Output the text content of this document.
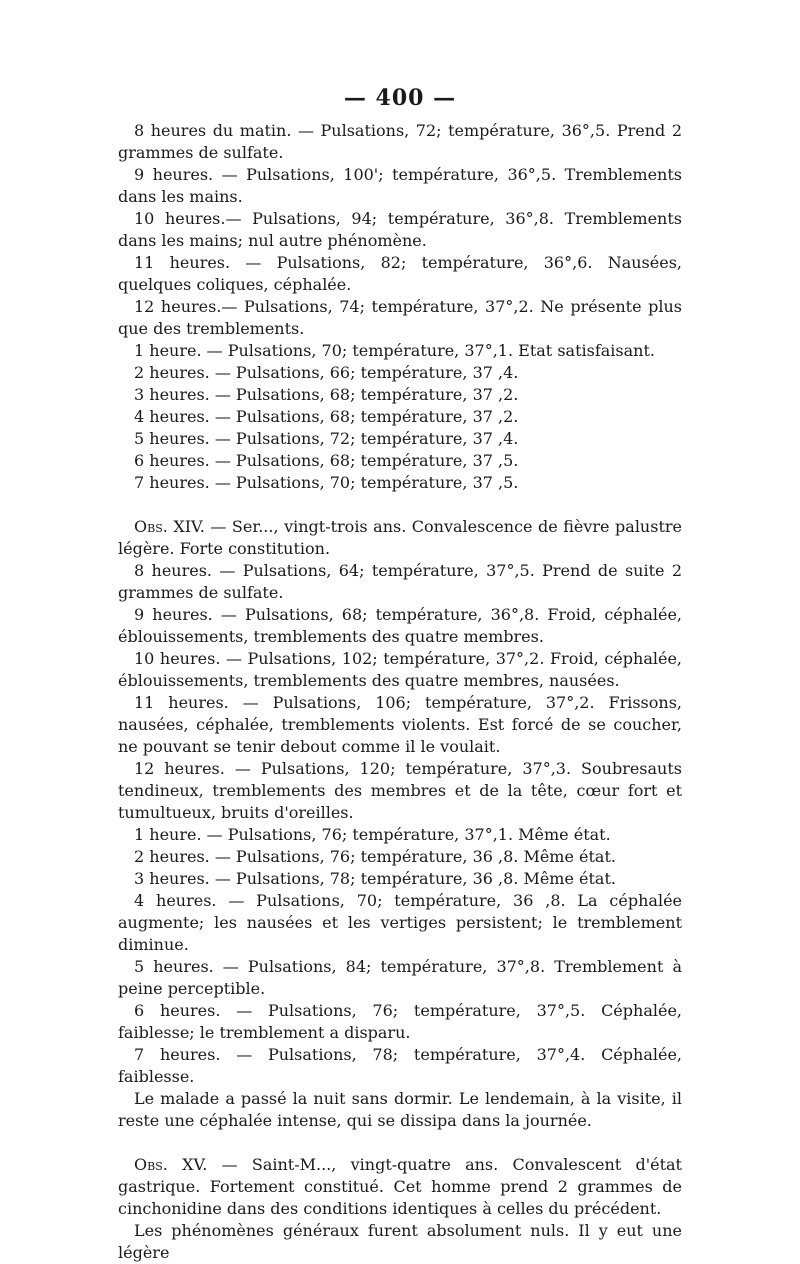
— 400 —

8 heures du matin. — Pulsations, 72; température, 36°,5. Prend 2 grammes de sulfate.

9 heures. — Pulsations, 100'; température, 36°,5. Tremblements dans les mains.

10 heures.— Pulsations, 94; température, 36°,8. Tremblements dans les mains; nul autre phénomène.

11 heures. — Pulsations, 82; température, 36°,6. Nausées, quelques coliques, céphalée.

12 heures.— Pulsations, 74; température, 37°,2. Ne présente plus que des tremblements.

1 heure. — Pulsations, 70; température, 37°,1. Etat satisfaisant.

2 heures. — Pulsations, 66; température, 37 ,4.

3 heures. — Pulsations, 68; température, 37 ,2.

4 heures. — Pulsations, 68; température, 37 ,2.

5 heures. — Pulsations, 72; température, 37 ,4.

6 heures. — Pulsations, 68; température, 37 ,5.

7 heures. — Pulsations, 70; température, 37 ,5.

Obs. XIV. — Ser..., vingt-trois ans. Convalescence de fièvre palustre légère. Forte constitution.

8 heures. — Pulsations, 64; température, 37°,5. Prend de suite 2 grammes de sulfate.

9 heures. — Pulsations, 68; température, 36°,8. Froid, céphalée, éblouissements, tremblements des quatre membres.

10 heures. — Pulsations, 102; température, 37°,2. Froid, céphalée, éblouissements, tremblements des quatre membres, nausées.

11 heures. — Pulsations, 106; température, 37°,2. Frissons, nausées, céphalée, tremblements violents. Est forcé de se coucher, ne pouvant se tenir debout comme il le voulait.

12 heures. — Pulsations, 120; température, 37°,3. Soubresauts tendineux, tremblements des membres et de la tête, cœur fort et tumultueux, bruits d'oreilles.

1 heure. — Pulsations, 76; température, 37°,1. Même état.

2 heures. — Pulsations, 76; température, 36 ,8. Même état.

3 heures. — Pulsations, 78; température, 36 ,8. Même état.

4 heures. — Pulsations, 70; température, 36 ,8. La céphalée augmente; les nausées et les vertiges persistent; le tremblement diminue.

5 heures. — Pulsations, 84; température, 37°,8. Tremblement à peine perceptible.

6 heures. — Pulsations, 76; température, 37°,5. Céphalée, faiblesse; le tremblement a disparu.

7 heures. — Pulsations, 78; température, 37°,4. Céphalée, faiblesse.

Le malade a passé la nuit sans dormir. Le lendemain, à la visite, il reste une céphalée intense, qui se dissipa dans la journée.

Obs. XV. — Saint-M..., vingt-quatre ans. Convalescent d'état gastrique. Fortement constitué. Cet homme prend 2 grammes de cinchonidine dans des conditions identiques à celles du précédent.

Les phénomènes généraux furent absolument nuls. Il y eut une légère
